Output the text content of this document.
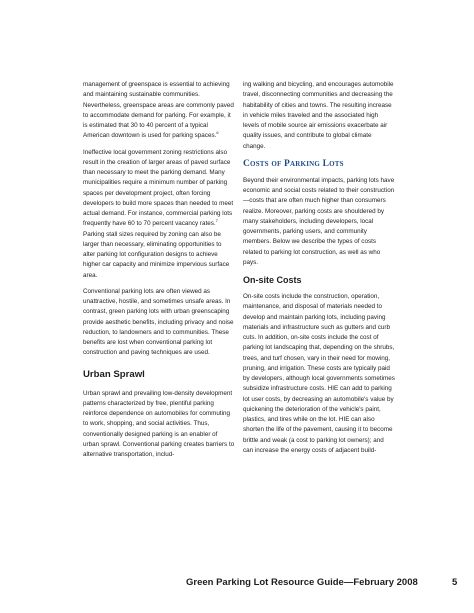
management of greenspace is essential to achieving and maintaining sustainable communities. Nevertheless, greenspace areas are commonly paved to accommodate demand for parking. For example, it is estimated that 30 to 40 percent of a typical American downtown is used for parking spaces.$^6$

Ineffective local government zoning restrictions also result in the creation of larger areas of paved surface than necessary to meet the parking demand. Many municipalities require a minimum number of parking spaces per development project, often forcing developers to build more spaces than needed to meet actual demand. For instance, commercial parking lots frequently have 60 to 70 percent vacancy rates.$^7$ Parking stall sizes required by zoning can also be larger than necessary, eliminating opportunities to alter parking lot configuration designs to achieve higher car capacity and minimize impervious surface area.

Conventional parking lots are often viewed as unattractive, hostile, and sometimes unsafe areas. In contrast, green parking lots with urban greenscaping provide aesthetic benefits, including privacy and noise reduction, to landowners and to communities. These benefits are lost when conventional parking lot construction and paving techniques are used.

Urban Sprawl

Urban sprawl and prevailing low-density development patterns characterized by free, plentiful parking reinforce dependence on automobiles for commuting to work, shopping, and social activities. Thus, conventionally designed parking is an enabler of urban sprawl. Conventional parking creates barriers to alternative transportation, includ-

ing walking and bicycling, and encourages automobile travel, disconnecting communities and decreasing the habitability of cities and towns. The resulting increase in vehicle miles traveled and the associated high levels of mobile source air emissions exacerbate air quality issues, and contribute to global climate change.

Costs of Parking Lots

Beyond their environmental impacts, parking lots have economic and social costs related to their construction—costs that are often much higher than consumers realize. Moreover, parking costs are shouldered by many stakeholders, including developers, local governments, parking users, and community members. Below we describe the types of costs related to parking lot construction, as well as who pays.

On-site Costs

On-site costs include the construction, operation, maintenance, and disposal of materials needed to develop and maintain parking lots, including paving materials and infrastructure such as gutters and curb cuts. In addition, on-site costs include the cost of parking lot landscaping that, depending on the shrubs, trees, and turf chosen, vary in their need for mowing, pruning, and irrigation. These costs are typically paid by developers, although local governments sometimes subsidize infrastructure costs. HIE can add to parking lot user costs, by decreasing an automobile's value by quickening the deterioration of the vehicle's paint, plastics, and tires while on the lot. HIE can also shorten the life of the pavement, causing it to become brittle and weak (a cost to parking lot owners); and can increase the energy costs of adjacent build-

Green Parking Lot Resource Guide—February 2008	5
